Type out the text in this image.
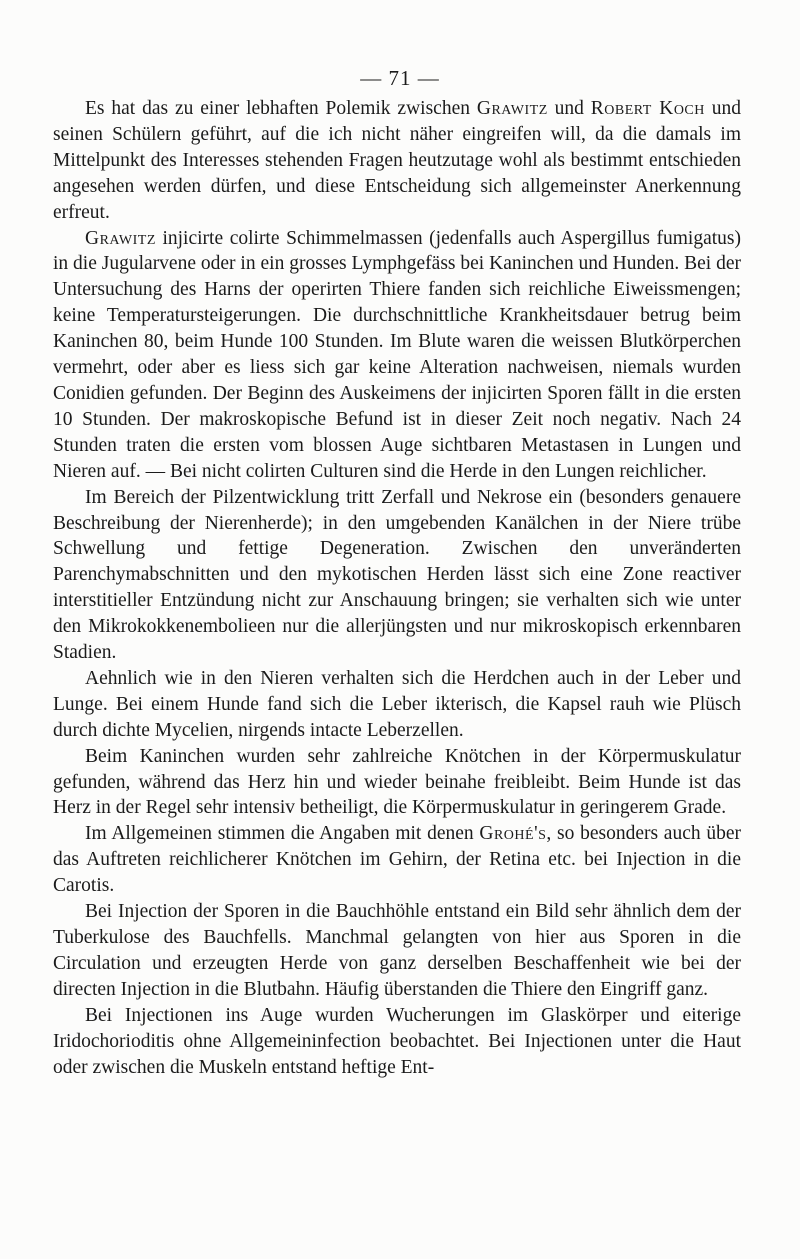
— 71 —

Es hat das zu einer lebhaften Polemik zwischen Grawitz und Robert Koch und seinen Schülern geführt, auf die ich nicht näher eingreifen will, da die damals im Mittelpunkt des Interesses stehenden Fragen heutzutage wohl als bestimmt entschieden angesehen werden dürfen, und diese Entscheidung sich allgemeinster Anerkennung erfreut.

Grawitz injicirte colirte Schimmelmassen (jedenfalls auch Aspergillus fumigatus) in die Jugularvene oder in ein grosses Lymphgefäss bei Kaninchen und Hunden. Bei der Untersuchung des Harns der operirten Thiere fanden sich reichliche Eiweissmengen; keine Temperatursteigerungen. Die durchschnittliche Krankheitsdauer betrug beim Kaninchen 80, beim Hunde 100 Stunden. Im Blute waren die weissen Blutkörperchen vermehrt, oder aber es liess sich gar keine Alteration nachweisen, niemals wurden Conidien gefunden. Der Beginn des Auskeimens der injicirten Sporen fällt in die ersten 10 Stunden. Der makroskopische Befund ist in dieser Zeit noch negativ. Nach 24 Stunden traten die ersten vom blossen Auge sichtbaren Metastasen in Lungen und Nieren auf. — Bei nicht colirten Culturen sind die Herde in den Lungen reichlicher.

Im Bereich der Pilzentwicklung tritt Zerfall und Nekrose ein (besonders genauere Beschreibung der Nierenherde); in den umgebenden Kanälchen in der Niere trübe Schwellung und fettige Degeneration. Zwischen den unveränderten Parenchymabschnitten und den mykotischen Herden lässt sich eine Zone reactiver interstitieller Entzündung nicht zur Anschauung bringen; sie verhalten sich wie unter den Mikrokokkenembolieen nur die allerjüngsten und nur mikroskopisch erkennbaren Stadien.

Aehnlich wie in den Nieren verhalten sich die Herdchen auch in der Leber und Lunge. Bei einem Hunde fand sich die Leber ikterisch, die Kapsel rauh wie Plüsch durch dichte Mycelien, nirgends intacte Leberzellen.

Beim Kaninchen wurden sehr zahlreiche Knötchen in der Körpermuskulatur gefunden, während das Herz hin und wieder beinahe freibleibt. Beim Hunde ist das Herz in der Regel sehr intensiv betheiligt, die Körpermuskulatur in geringerem Grade.

Im Allgemeinen stimmen die Angaben mit denen Grohé's, so besonders auch über das Auftreten reichlicherer Knötchen im Gehirn, der Retina etc. bei Injection in die Carotis.

Bei Injection der Sporen in die Bauchhöhle entstand ein Bild sehr ähnlich dem der Tuberkulose des Bauchfells. Manchmal gelangten von hier aus Sporen in die Circulation und erzeugten Herde von ganz derselben Beschaffenheit wie bei der directen Injection in die Blutbahn. Häufig überstanden die Thiere den Eingriff ganz.

Bei Injectionen ins Auge wurden Wucherungen im Glaskörper und eiterige Iridochorioditis ohne Allgemeininfection beobachtet. Bei Injectionen unter die Haut oder zwischen die Muskeln entstand heftige Ent-
